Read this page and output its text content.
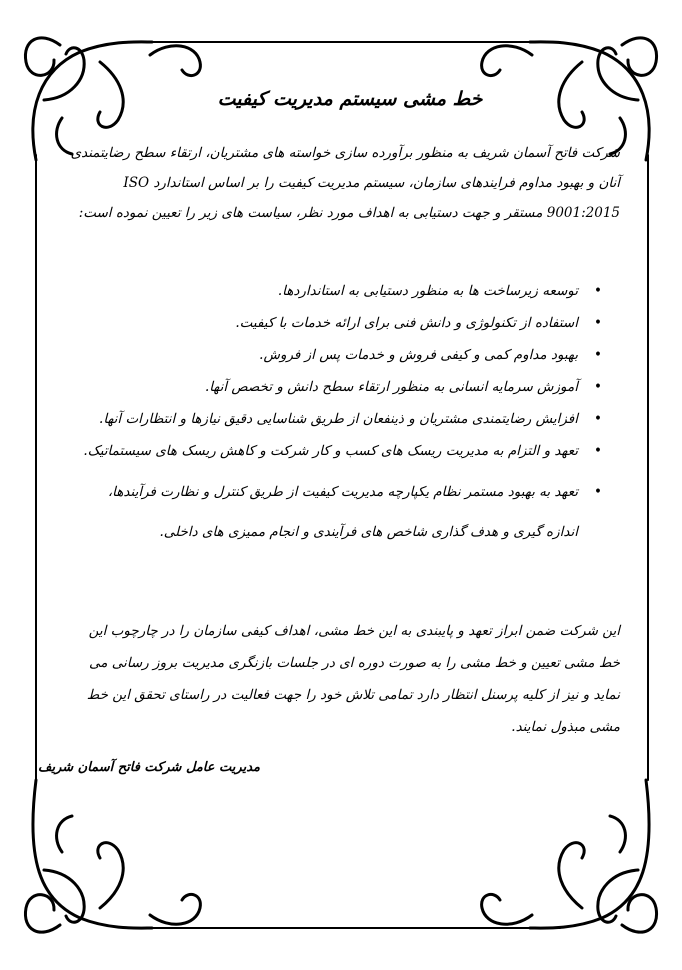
خط مشی سیستم مدیریت کیفیت

شرکت فاتح آسمان شریف به منظور برآورده سازی خواسته های مشتریان، ارتقاء سطح رضایتمندی آنان و بهبود مداوم فرایندهای سازمان، سیستم مدیریت کیفیت را بر اساس استاندارد ISO 9001:2015 مستقر و جهت دستیابی به اهداف مورد نظر، سیاست های زیر را تعیین نموده است:

•
توسعه زیرساخت ها به منظور دستیابی به استانداردها.
•
استفاده از تکنولوژی و دانش فنی برای ارائه خدمات با کیفیت.
•
بهبود مداوم کمی و کیفی فروش و خدمات پس از فروش.
•
آموزش سرمایه انسانی به منظور ارتقاء سطح دانش و تخصص آنها.
•
افزایش رضایتمندی مشتریان و ذینفعان از طریق شناسایی دقیق نیازها و انتظارات آنها.
•
تعهد و التزام به مدیریت ریسک های کسب و کار شرکت و کاهش ریسک های سیستماتیک.
•
تعهد به بهبود مستمر نظام یکپارچه مدیریت کیفیت از طریق کنترل و نظارت فرآیندها، اندازه گیری و هدف گذاری شاخص های فرآیندی و انجام ممیزی های داخلی.

این شرکت ضمن ابراز تعهد و پایبندی به این خط مشی، اهداف کیفی سازمان را در چارچوب این خط مشی تعیین و خط مشی را به صورت دوره ای در جلسات بازنگری مدیریت بروز رسانی می نماید و نیز از کلیه پرسنل انتظار دارد تمامی تلاش خود را جهت فعالیت در راستای تحقق این خط مشی مبذول نمایند.

مدیریت عامل شرکت فاتح آسمان شریف
